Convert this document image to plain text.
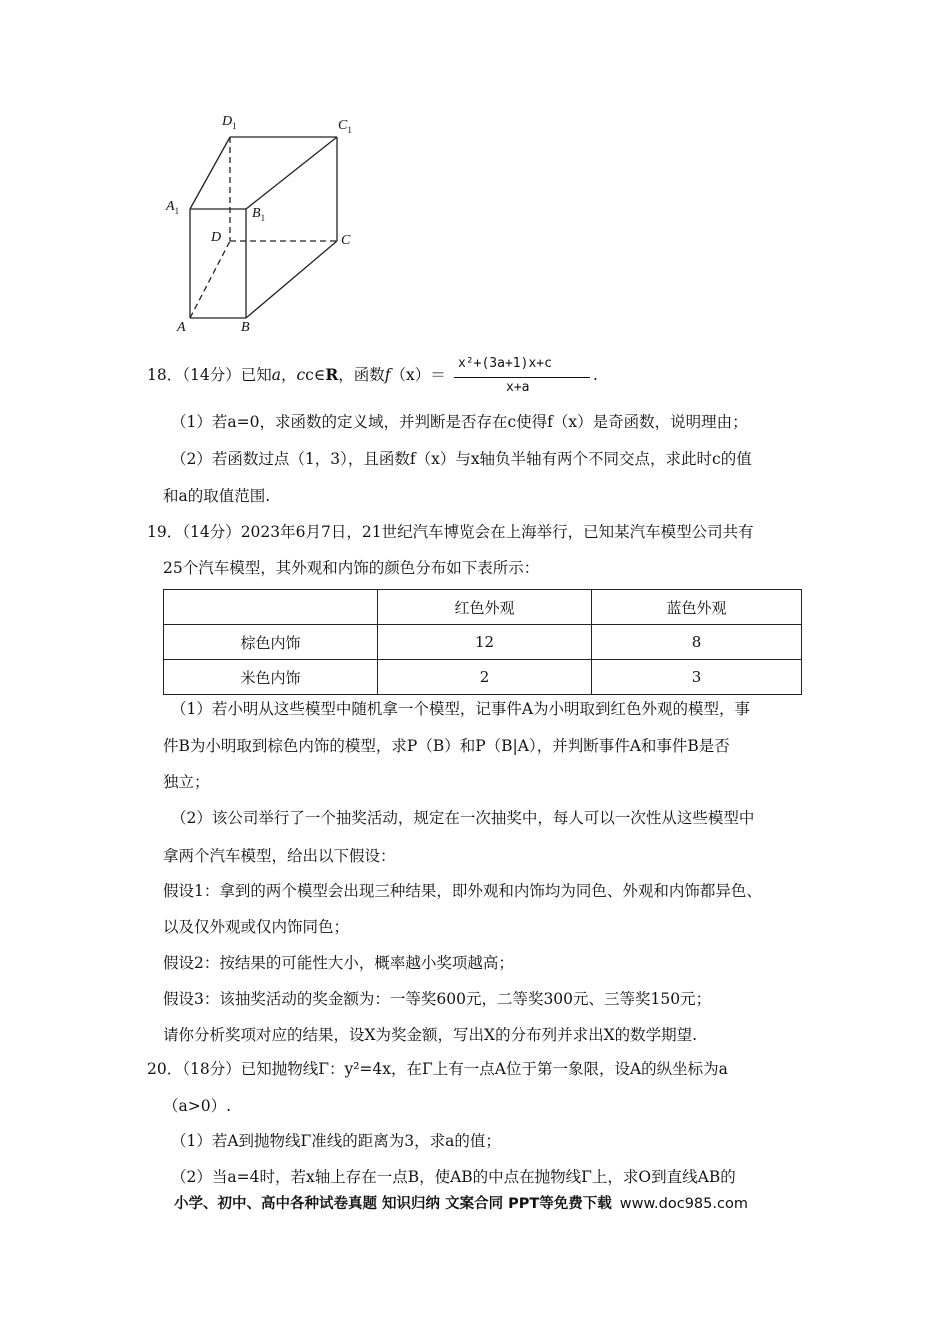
$D_1$	$C_1$
$A_1$	$B_1$
D	C
A	B
18．（14分）已知a，cc∈R，函数f（x）＝
x²+(3a+1)x+c
x+a
.
（1）若a=0，求函数的定义域，并判断是否存在c使得f（x）是奇函数，说明理由；
（2）若函数过点（1，3），且函数f（x）与x轴负半轴有两个不同交点，求此时c的值
和a的取值范围.
19．（14分）2023年6月7日，21世纪汽车博览会在上海举行，已知某汽车模型公司共有
25个汽车模型，其外观和内饰的颜色分布如下表所示：
	红色外观	蓝色外观
棕色内饰	12	8
米色内饰	2	3
（1）若小明从这些模型中随机拿一个模型，记事件A为小明取到红色外观的模型，事
件B为小明取到棕色内饰的模型，求P（B）和P（B|A），并判断事件A和事件B是否
独立；
（2）该公司举行了一个抽奖活动，规定在一次抽奖中，每人可以一次性从这些模型中
拿两个汽车模型，给出以下假设：
假设1：拿到的两个模型会出现三种结果，即外观和内饰均为同色、外观和内饰都异色、
以及仅外观或仅内饰同色；
假设2：按结果的可能性大小，概率越小奖项越高；
假设3：该抽奖活动的奖金额为：一等奖600元，二等奖300元、三等奖150元；
请你分析奖项对应的结果，设X为奖金额，写出X的分布列并求出X的数学期望.
20．（18分）已知抛物线Γ：y²=4x，在Γ上有一点A位于第一象限，设A的纵坐标为a
（a>0）.
（1）若A到抛物线Γ准线的距离为3，求a的值；
（2）当a=4时，若x轴上存在一点B，使AB的中点在抛物线Γ上，求O到直线AB的
小学、初中、高中各种试卷真题 知识归纳 文案合同 PPT等免费下载 www.doc985.com
